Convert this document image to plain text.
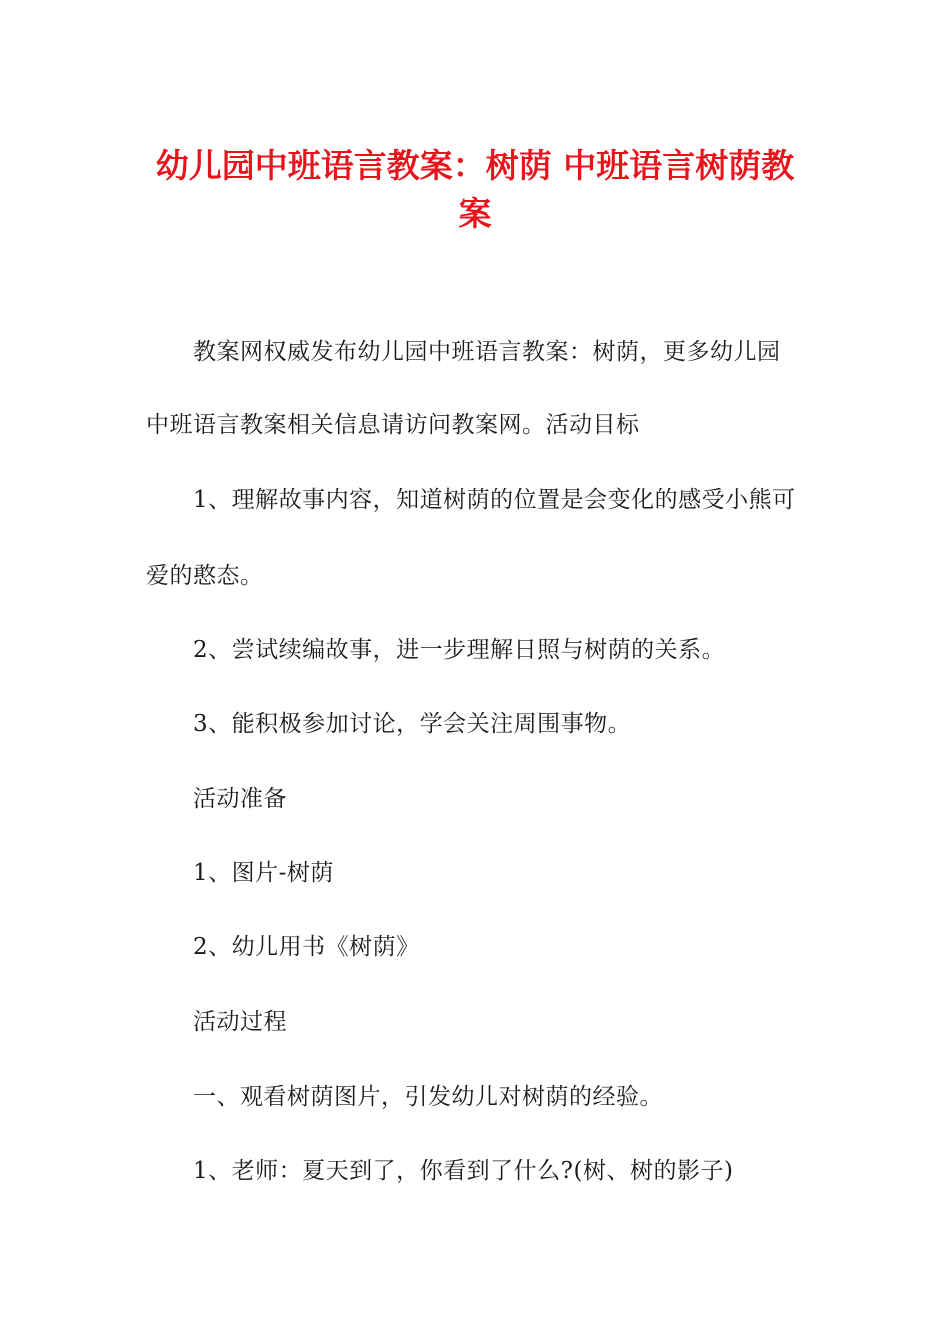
幼儿园中班语言教案：树荫 中班语言树荫教案

教案网权威发布幼儿园中班语言教案：树荫，更多幼儿园

中班语言教案相关信息请访问教案网。活动目标

1、理解故事内容，知道树荫的位置是会变化的感受小熊可

爱的憨态。

2、尝试续编故事，进一步理解日照与树荫的关系。

3、能积极参加讨论，学会关注周围事物。

活动准备

1、图片-树荫

2、幼儿用书《树荫》

活动过程

一、观看树荫图片，引发幼儿对树荫的经验。

1、老师：夏天到了，你看到了什么?(树、树的影子)
